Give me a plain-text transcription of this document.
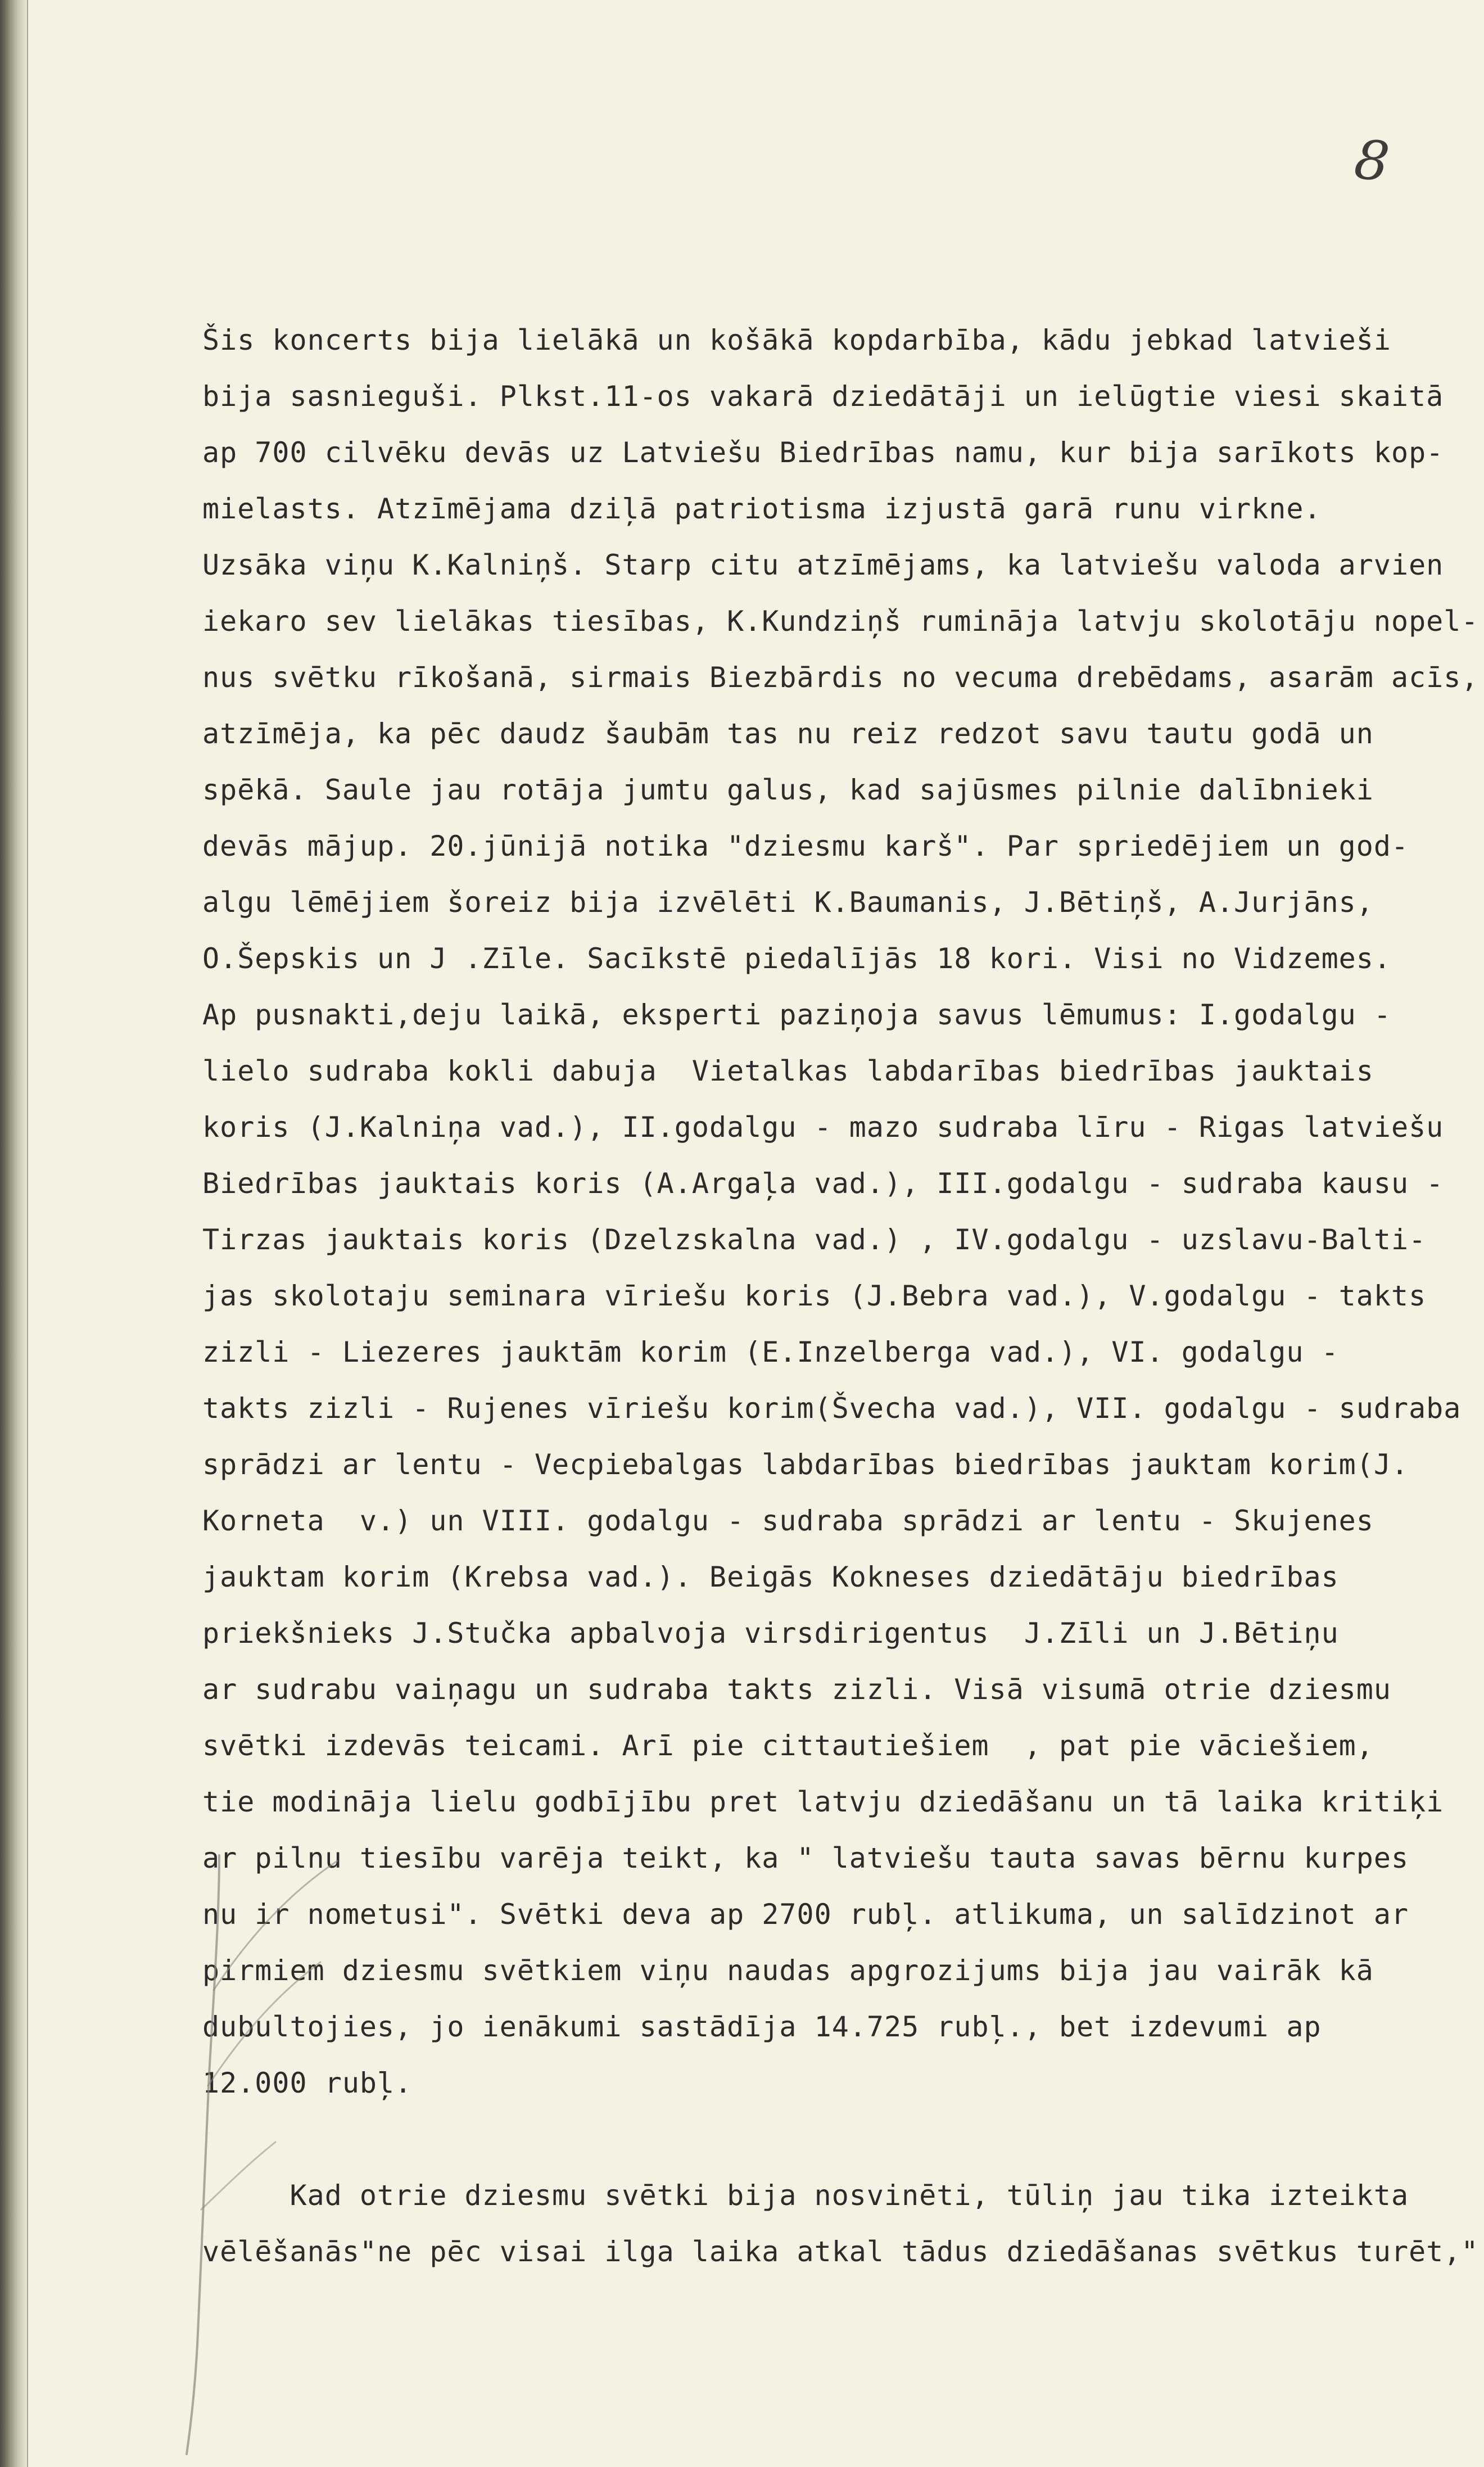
8
Šis koncerts bija lielākā un košākā kopdarbība, kādu jebkad latvieši
bija sasnieguši. Plkst.11-os vakarā dziedātāji un ielūgtie viesi skaitā
ap 700 cilvēku devās uz Latviešu Biedrības namu, kur bija sarīkots kop-
mielasts. Atzīmējama dziļā patriotisma izjustā garā runu virkne.
Uzsāka viņu K.Kalniņš. Starp citu atzīmējams, ka latviešu valoda arvien
iekaro sev lielākas tiesības, K.Kundziņš rumināja latvju skolotāju nopel-
nus svētku rīkošanā, sirmais Biezbārdis no vecuma drebēdams, asarām acīs,
atzīmēja, ka pēc daudz šaubām tas nu reiz redzot savu tautu godā un
spēkā. Saule jau rotāja jumtu galus, kad sajūsmes pilnie dalībnieki
devās mājup. 20.jūnijā notika "dziesmu karš". Par spriedējiem un god-
algu lēmējiem šoreiz bija izvēlēti K.Baumanis, J.Bētiņš, A.Jurjāns,
O.Šepskis un J .Zīle. Sacīkstē piedalījās 18 kori. Visi no Vidzemes.
Ap pusnakti,deju laikā, eksperti paziņoja savus lēmumus: I.godalgu -
lielo sudraba kokli dabuja  Vietalkas labdarības biedrības jauktais
koris (J.Kalniņa vad.), II.godalgu - mazo sudraba līru - Rigas latviešu
Biedrības jauktais koris (A.Argaļa vad.), III.godalgu - sudraba kausu -
Tirzas jauktais koris (Dzelzskalna vad.) , IV.godalgu - uzslavu-Balti-
jas skolotaju seminara vīriešu koris (J.Bebra vad.), V.godalgu - takts
zizli - Liezeres jauktām korim (E.Inzelberga vad.), VI. godalgu -
takts zizli - Rujenes vīriešu korim(Švecha vad.), VII. godalgu - sudraba
sprādzi ar lentu - Vecpiebalgas labdarības biedrības jauktam korim(J.
Korneta  v.) un VIII. godalgu - sudraba sprādzi ar lentu - Skujenes
jauktam korim (Krebsa vad.). Beigās Kokneses dziedātāju biedrības
priekšnieks J.Stučka apbalvoja virsdirigentus  J.Zīli un J.Bētiņu
ar sudrabu vaiņagu un sudraba takts zizli. Visā visumā otrie dziesmu
svētki izdevās teicami. Arī pie cittautiešiem  , pat pie vāciešiem,
tie modināja lielu godbījību pret latvju dziedāšanu un tā laika kritiķi
ar pilnu tiesību varēja teikt, ka " latviešu tauta savas bērnu kurpes
nu ir nometusi". Svētki deva ap 2700 rubļ. atlikuma, un salīdzinot ar
pirmiem dziesmu svētkiem viņu naudas apgrozijums bija jau vairāk kā
dubultojies, jo ienākumi sastādīja 14.725 rubļ., bet izdevumi ap
12.000 rubļ.
Kad otrie dziesmu svētki bija nosvinēti, tūliņ jau tika izteikta
vēlēšanās"ne pēc visai ilga laika atkal tādus dziedāšanas svētkus turēt,"
